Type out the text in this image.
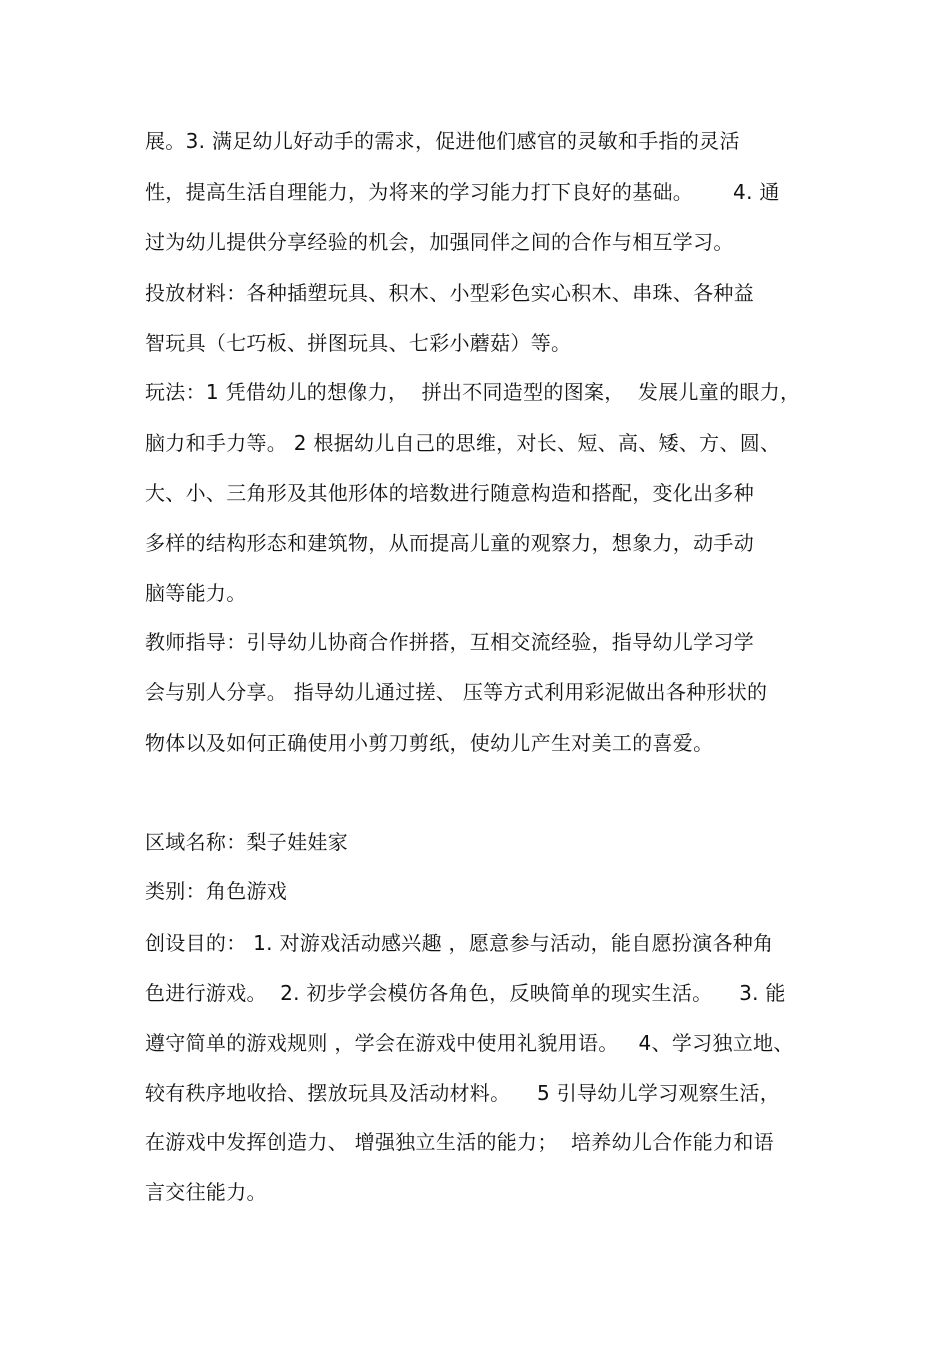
展。3. 满足幼儿好动手的需求，促进他们感官的灵敏和手指的灵活
性，提高生活自理能力，为将来的学习能力打下良好的基础。      4. 通
过为幼儿提供分享经验的机会，加强同伴之间的合作与相互学习。
投放材料：各种插塑玩具、积木、小型彩色实心积木、串珠、各种益
智玩具（七巧板、拼图玩具、七彩小蘑菇）等。
玩法：1 凭借幼儿的想像力，  拼出不同造型的图案，  发展儿童的眼力，
脑力和手力等。 2 根据幼儿自己的思维，对长、短、高、矮、方、圆、
大、小、三角形及其他形体的培数进行随意构造和搭配，变化出多种
多样的结构形态和建筑物，从而提高儿童的观察力，想象力，动手动
脑等能力。
教师指导：引导幼儿协商合作拼搭，互相交流经验，指导幼儿学习学
会与别人分享。 指导幼儿通过搓、 压等方式利用彩泥做出各种形状的
物体以及如何正确使用小剪刀剪纸，使幼儿产生对美工的喜爱。
区域名称：梨子娃娃家
类别：角色游戏
创设目的： 1. 对游戏活动感兴趣 ，愿意参与活动，能自愿扮演各种角
色进行游戏。  2. 初步学会模仿各角色，反映简单的现实生活。    3. 能
遵守简单的游戏规则 ，学会在游戏中使用礼貌用语。   4、学习独立地、
较有秩序地收拾、摆放玩具及活动材料。    5 引导幼儿学习观察生活，
在游戏中发挥创造力、 增强独立生活的能力；  培养幼儿合作能力和语
言交往能力。
